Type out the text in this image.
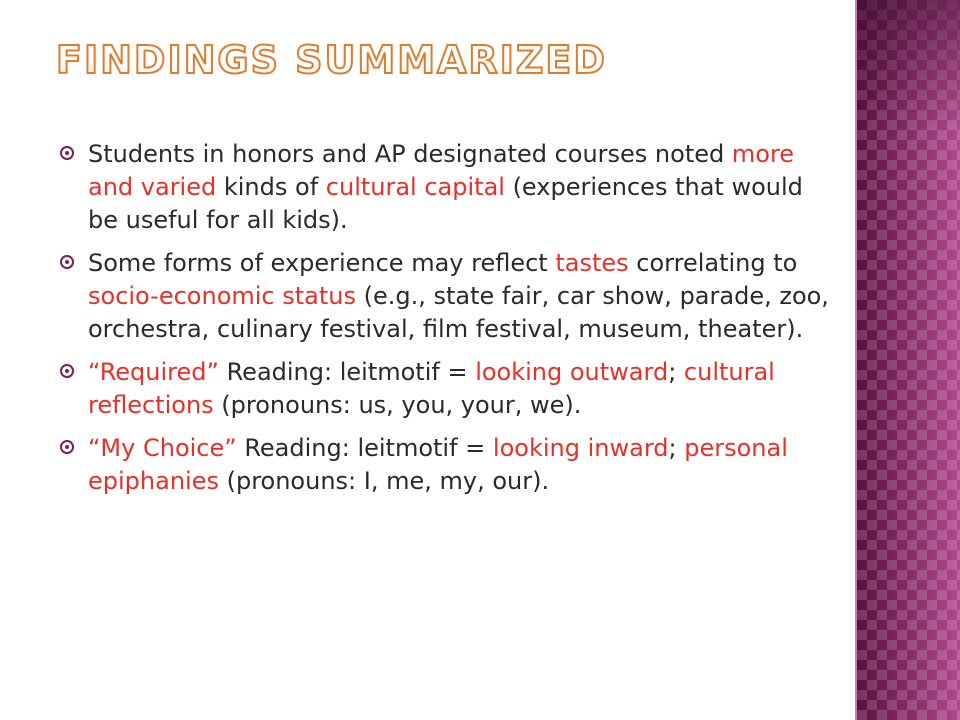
FINDINGS SUMMARIZED
Students in honors and AP designated courses noted more and varied kinds of cultural capital (experiences that would be useful for all kids).
Some forms of experience may reflect tastes correlating to socio-economic status (e.g., state fair, car show, parade, zoo, orchestra, culinary festival, film festival, museum, theater).
“Required” Reading: leitmotif = looking outward; cultural reflections (pronouns: us, you, your, we).
“My Choice” Reading: leitmotif = looking inward; personal epiphanies (pronouns: I, me, my, our).
